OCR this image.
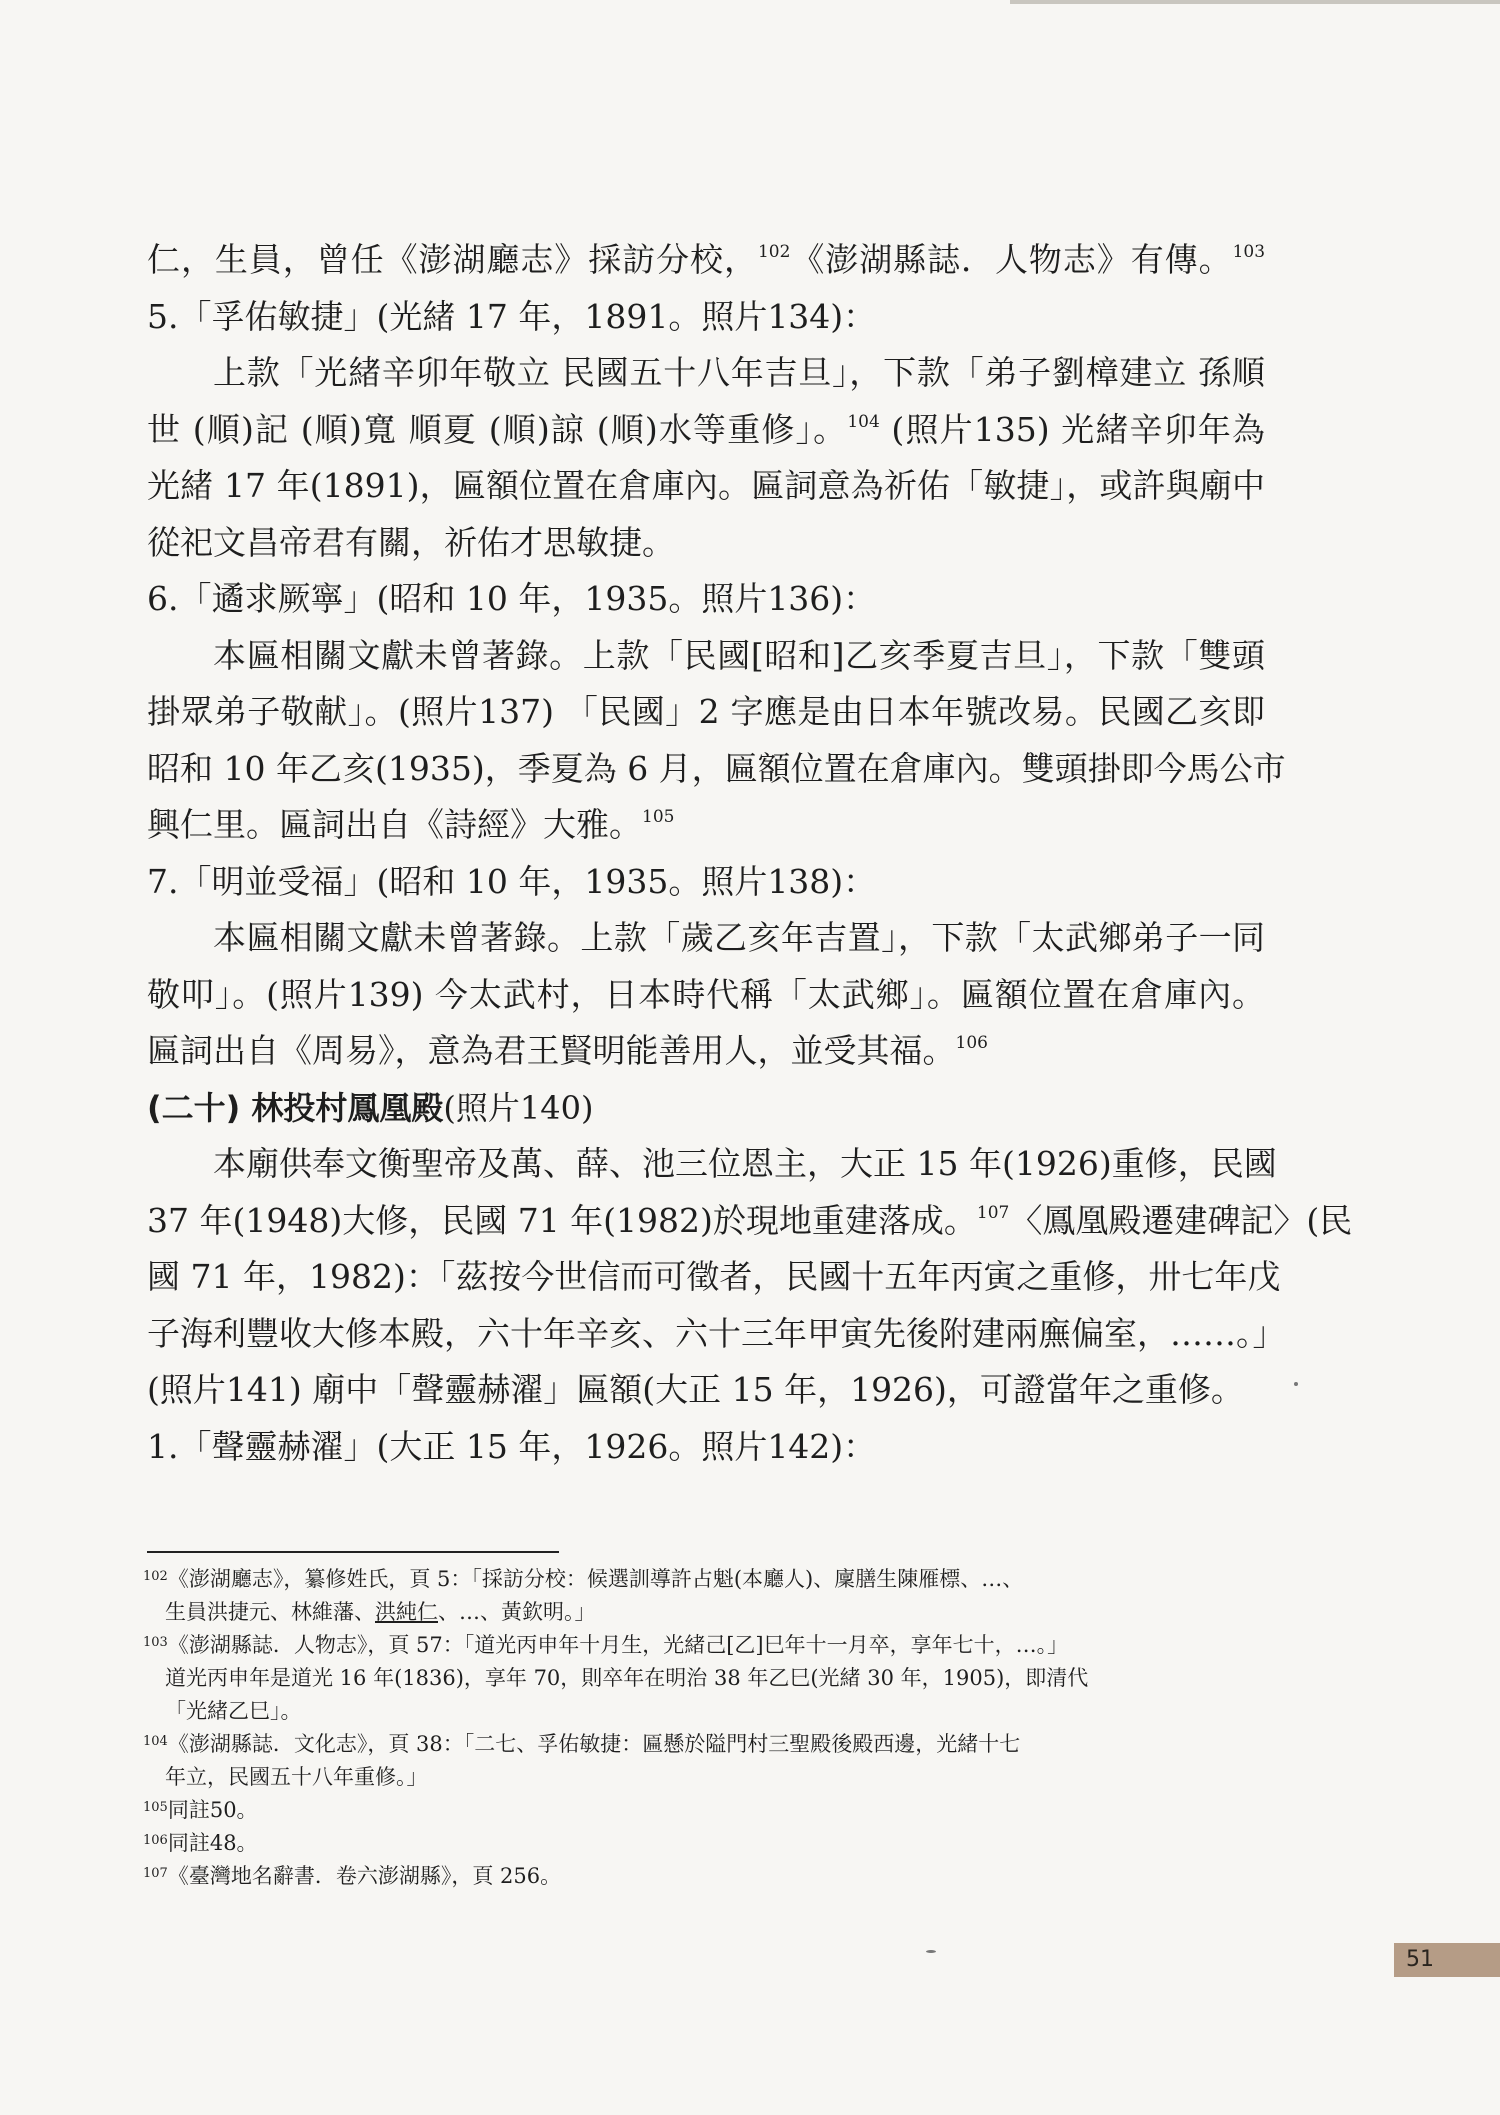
仁，生員，曾任《澎湖廳志》採訪分校，$^{102}$《澎湖縣誌．人物志》有傳。$^{103}$
5.「孚佑敏捷」(光緒 17 年，1891。照片134)：
上款「光緒辛卯年敬立 民國五十八年吉旦」，下款「弟子劉樟建立 孫順
世 (順)記 (順)寬 順夏 (順)諒 (順)水等重修」。$^{104}$ (照片135) 光緒辛卯年為
光緒 17 年(1891)，匾額位置在倉庫內。匾詞意為祈佑「敏捷」，或許與廟中
從祀文昌帝君有關，祈佑才思敏捷。
6.「遹求厥寧」(昭和 10 年，1935。照片136)：
本匾相關文獻未曾著錄。上款「民國[昭和]乙亥季夏吉旦」，下款「雙頭
掛眾弟子敬献」。(照片137) 「民國」2 字應是由日本年號改易。民國乙亥即
昭和 10 年乙亥(1935)，季夏為 6 月，匾額位置在倉庫內。雙頭掛即今馬公市
興仁里。匾詞出自《詩經》大雅。$^{105}$
7.「明並受福」(昭和 10 年，1935。照片138)：
本匾相關文獻未曾著錄。上款「歲乙亥年吉置」，下款「太武鄉弟子一同
敬叩」。(照片139) 今太武村，日本時代稱「太武鄉」。匾額位置在倉庫內。
匾詞出自《周易》，意為君王賢明能善用人，並受其福。$^{106}$
(二十) 林投村鳳凰殿(照片140)
本廟供奉文衡聖帝及萬、薛、池三位恩主，大正 15 年(1926)重修，民國
37 年(1948)大修，民國 71 年(1982)於現地重建落成。$^{107}$〈鳳凰殿遷建碑記〉(民
國 71 年，1982)：「茲按今世信而可徵者，民國十五年丙寅之重修，卅七年戊
子海利豐收大修本殿，六十年辛亥、六十三年甲寅先後附建兩廡偏室，……。」
(照片141) 廟中「聲靈赫濯」匾額(大正 15 年，1926)，可證當年之重修。
1.「聲靈赫濯」(大正 15 年，1926。照片142)：
$^{102}$《澎湖廳志》，纂修姓氏，頁 5：「採訪分校：候選訓導許占魁(本廳人)、廩膳生陳雁標、…、
生員洪捷元、林維藩、洪純仁、…、黃欽明。」
$^{103}$《澎湖縣誌．人物志》，頁 57：「道光丙申年十月生，光緒己[乙]巳年十一月卒，享年七十，…。」
道光丙申年是道光 16 年(1836)，享年 70，則卒年在明治 38 年乙巳(光緒 30 年，1905)，即清代
「光緒乙巳」。
$^{104}$《澎湖縣誌．文化志》，頁 38：「二七、孚佑敏捷：匾懸於隘門村三聖殿後殿西邊，光緒十七
年立，民國五十八年重修。」
$^{105}$同註50。
$^{106}$同註48。
$^{107}$《臺灣地名辭書．卷六澎湖縣》，頁 256。
51
